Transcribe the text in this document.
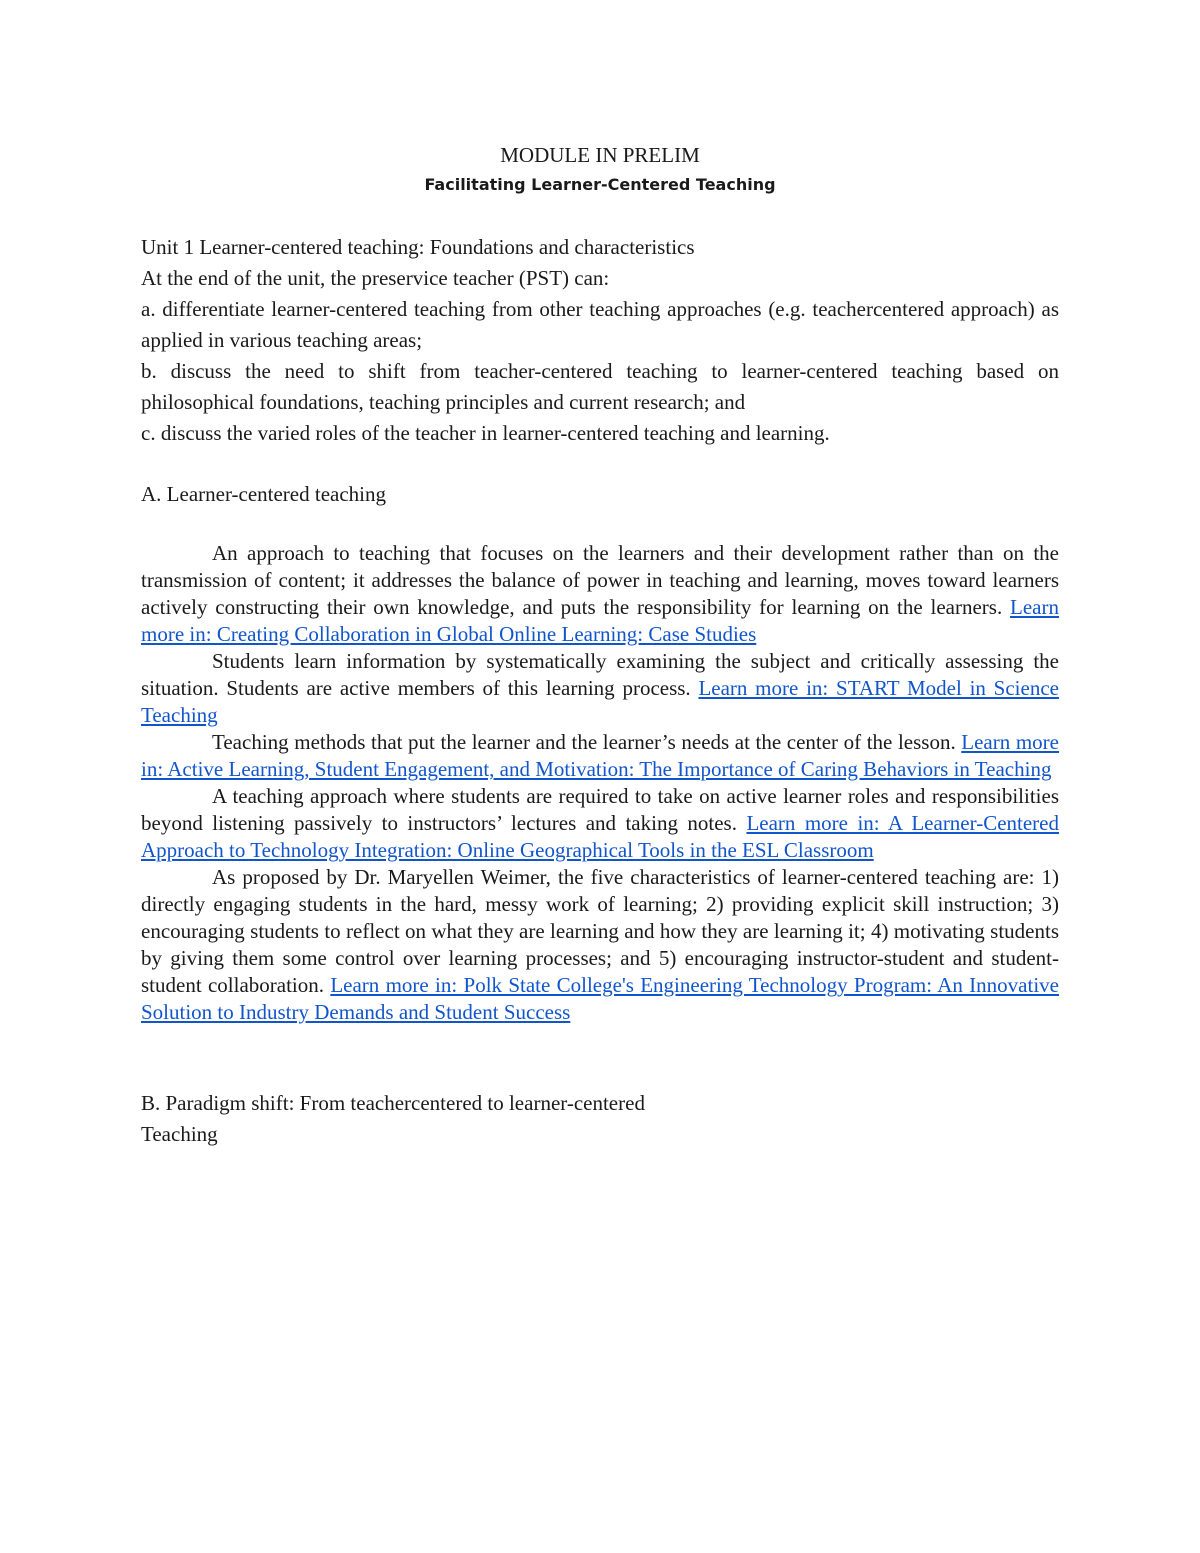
MODULE IN PRELIM
Facilitating Learner-Centered Teaching

Unit 1 Learner-centered teaching: Foundations and characteristics

At the end of the unit, the preservice teacher (PST) can:

a. differentiate learner-centered teaching from other teaching approaches (e.g. teachercentered approach) as applied in various teaching areas;

b. discuss the need to shift from teacher-centered teaching to learner-centered teaching based on philosophical foundations, teaching principles and current research; and

c. discuss the varied roles of the teacher in learner-centered teaching and learning.

A. Learner-centered teaching

An approach to teaching that focuses on the learners and their development rather than on the transmission of content; it addresses the balance of power in teaching and learning, moves toward learners actively constructing their own knowledge, and puts the responsibility for learning on the learners. Learn more in: Creating Collaboration in Global Online Learning: Case Studies

Students learn information by systematically examining the subject and critically assessing the situation. Students are active members of this learning process. Learn more in: START Model in Science Teaching

Teaching methods that put the learner and the learner’s needs at the center of the lesson. Learn more in: Active Learning, Student Engagement, and Motivation: The Importance of Caring Behaviors in Teaching

A teaching approach where students are required to take on active learner roles and responsibilities beyond listening passively to instructors’ lectures and taking notes. Learn more in: A Learner-Centered Approach to Technology Integration: Online Geographical Tools in the ESL Classroom

As proposed by Dr. Maryellen Weimer, the five characteristics of learner-centered teaching are: 1) directly engaging students in the hard, messy work of learning; 2) providing explicit skill instruction; 3) encouraging students to reflect on what they are learning and how they are learning it; 4) motivating students by giving them some control over learning processes; and 5) encouraging instructor-student and student-student collaboration. Learn more in: Polk State College's Engineering Technology Program: An Innovative Solution to Industry Demands and Student Success

B. Paradigm shift: From teachercentered to learner-centered

Teaching
